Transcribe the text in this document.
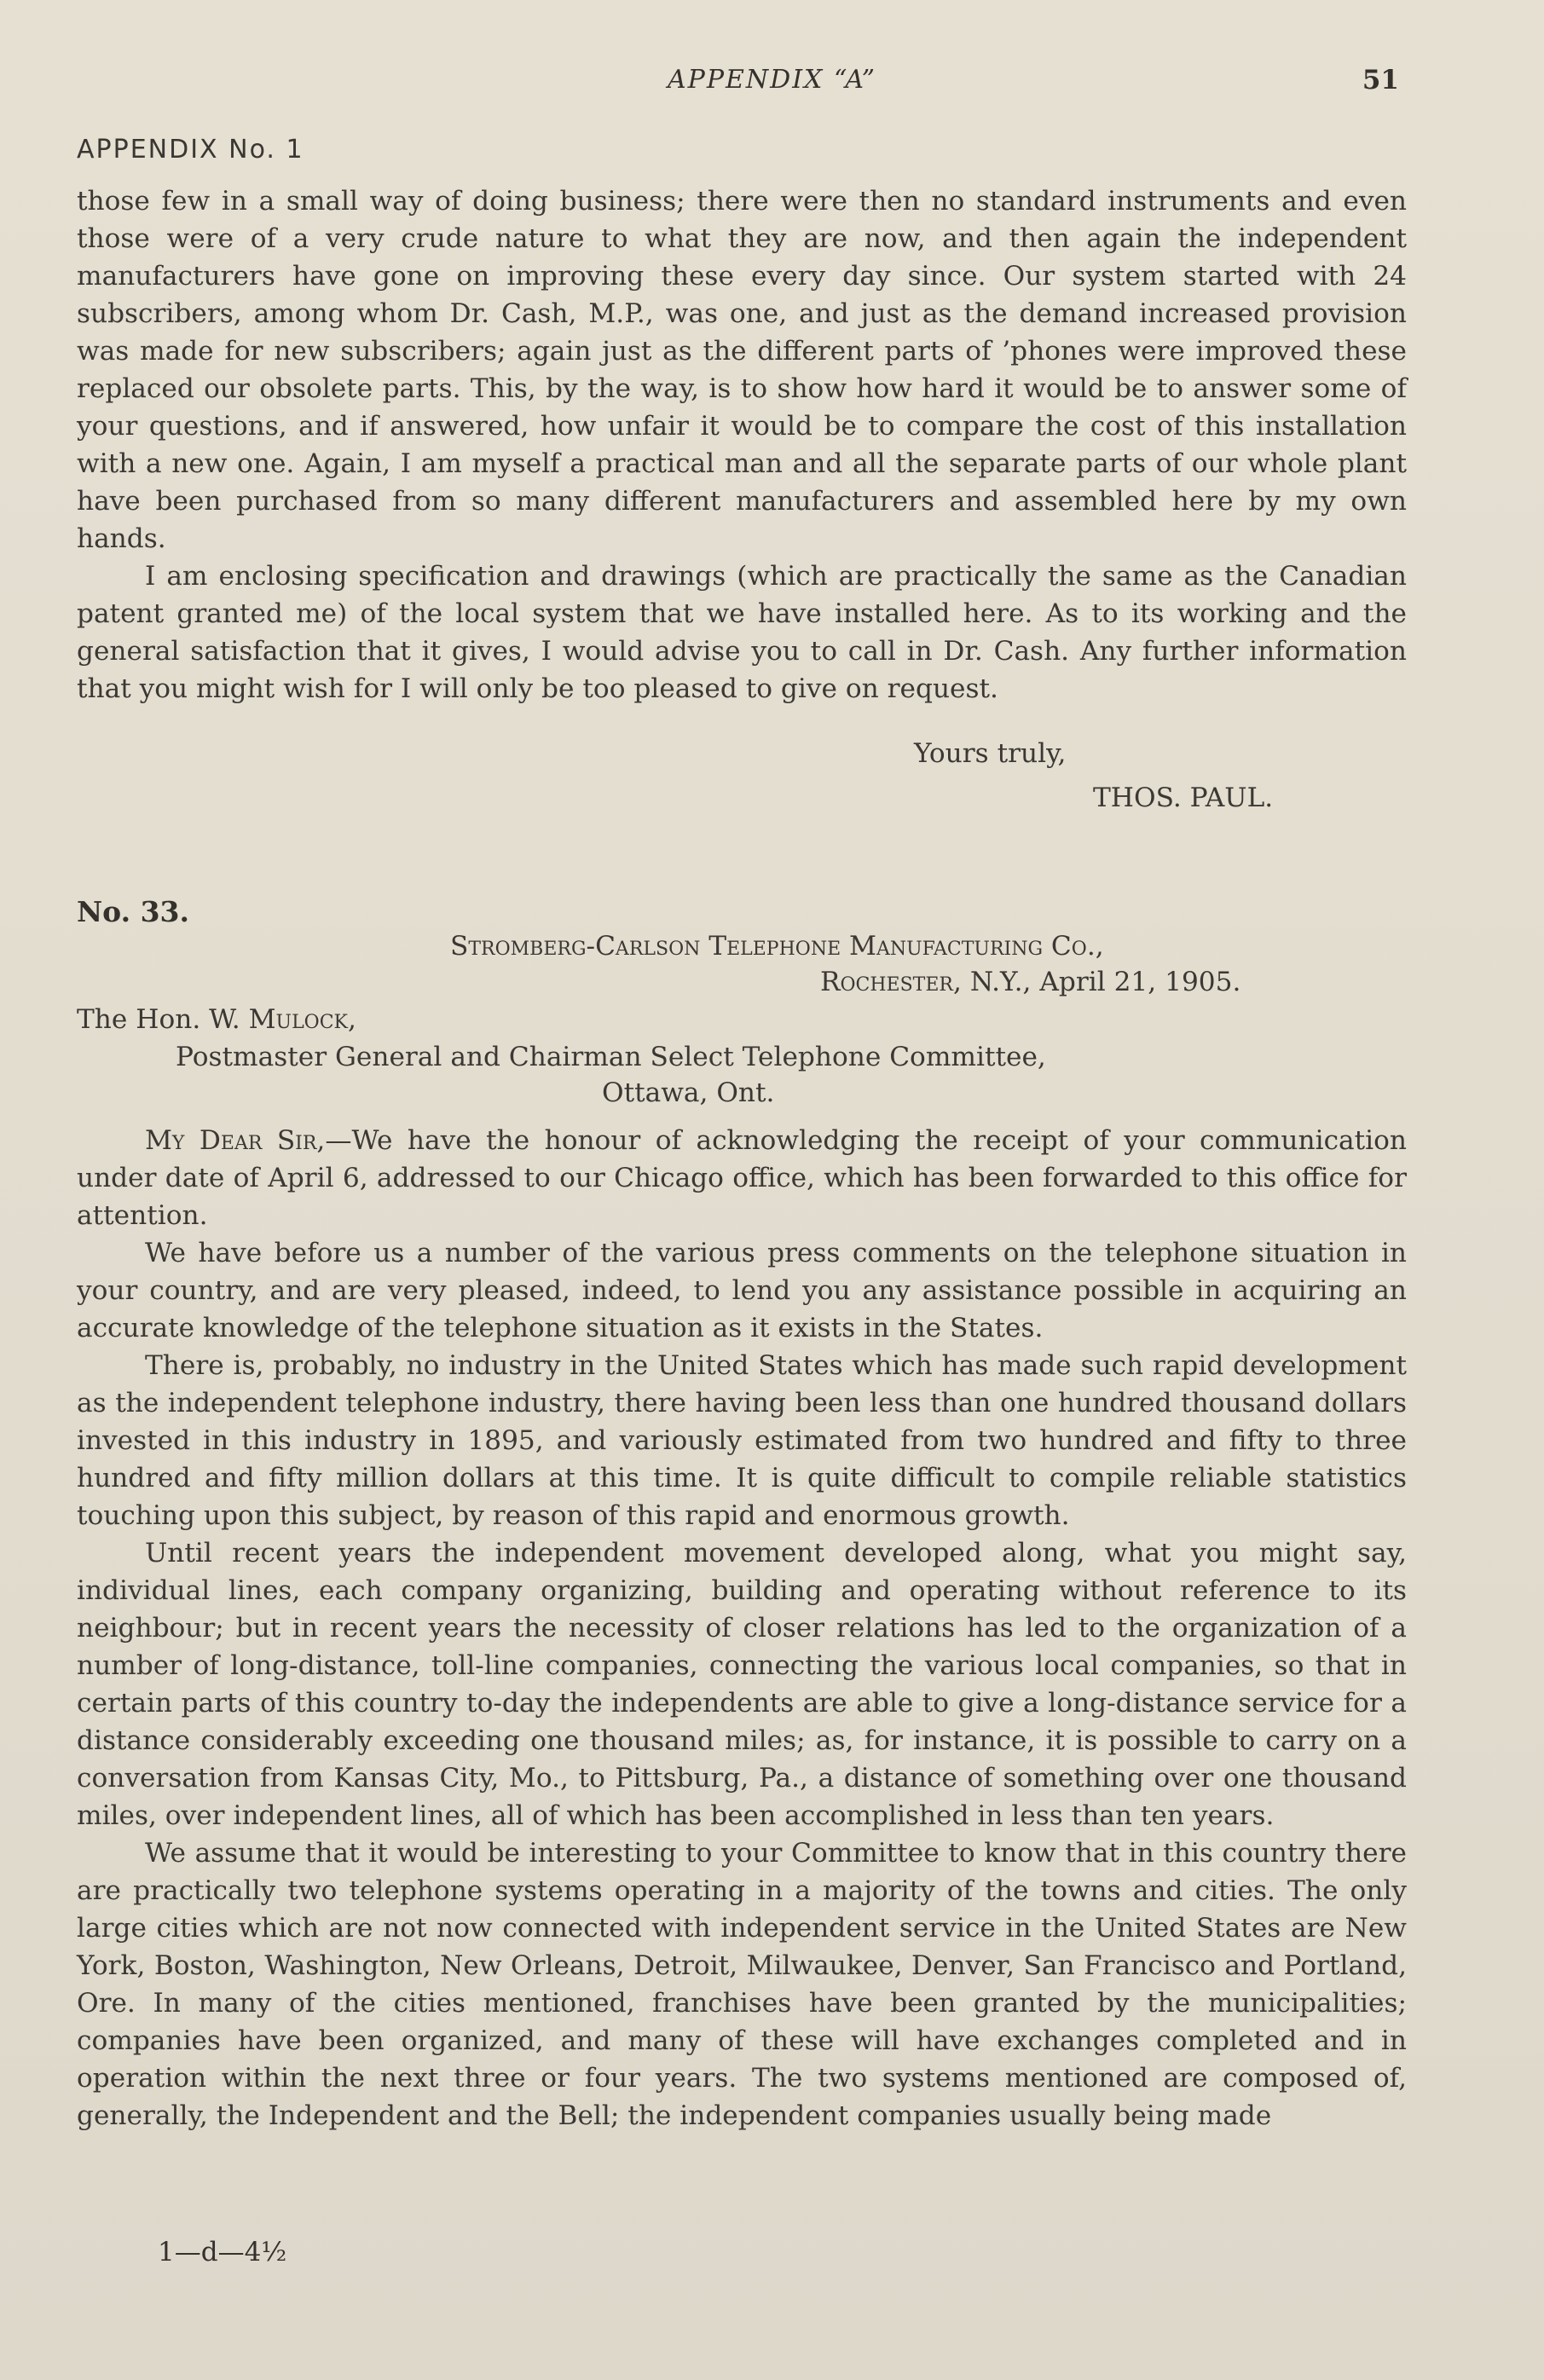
APPENDIX “A”	51
APPENDIX No. 1

those few in a small way of doing business; there were then no standard instruments and even those were of a very crude nature to what they are now, and then again the independent manufacturers have gone on improving these every day since. Our system started with 24 subscribers, among whom Dr. Cash, M.P., was one, and just as the demand increased provision was made for new subscribers; again just as the different parts of ’phones were improved these replaced our obsolete parts. This, by the way, is to show how hard it would be to answer some of your questions, and if answered, how unfair it would be to compare the cost of this installation with a new one. Again, I am myself a practical man and all the separate parts of our whole plant have been purchased from so many different manufacturers and assembled here by my own hands.

I am enclosing specification and drawings (which are practically the same as the Canadian patent granted me) of the local system that we have installed here. As to its working and the general satisfaction that it gives, I would advise you to call in Dr. Cash. Any further information that you might wish for I will only be too pleased to give on request.

Yours truly,
THOS. PAUL.
No. 33.
Stromberg-Carlson Telephone Manufacturing Co.,
Rochester, N.Y., April 21, 1905.
The Hon. W. Mulock,
Postmaster General and Chairman Select Telephone Committee,
Ottawa, Ont.

My Dear Sir,—We have the honour of acknowledging the receipt of your communication under date of April 6, addressed to our Chicago office, which has been forwarded to this office for attention.

We have before us a number of the various press comments on the telephone situation in your country, and are very pleased, indeed, to lend you any assistance possible in acquiring an accurate knowledge of the telephone situation as it exists in the States.

There is, probably, no industry in the United States which has made such rapid development as the independent telephone industry, there having been less than one hundred thousand dollars invested in this industry in 1895, and variously estimated from two hundred and fifty to three hundred and fifty million dollars at this time. It is quite difficult to compile reliable statistics touching upon this subject, by reason of this rapid and enormous growth.

Until recent years the independent movement developed along, what you might say, individual lines, each company organizing, building and operating without reference to its neighbour; but in recent years the necessity of closer relations has led to the organization of a number of long-distance, toll-line companies, connecting the various local companies, so that in certain parts of this country to-day the independents are able to give a long-distance service for a distance considerably exceeding one thousand miles; as, for instance, it is possible to carry on a conversation from Kansas City, Mo., to Pittsburg, Pa., a distance of something over one thousand miles, over independent lines, all of which has been accomplished in less than ten years.

We assume that it would be interesting to your Committee to know that in this country there are practically two telephone systems operating in a majority of the towns and cities. The only large cities which are not now connected with independent service in the United States are New York, Boston, Washington, New Orleans, Detroit, Milwaukee, Denver, San Francisco and Portland, Ore. In many of the cities mentioned, franchises have been granted by the municipalities; companies have been organized, and many of these will have exchanges completed and in operation within the next three or four years. The two systems mentioned are composed of, generally, the Independent and the Bell; the independent companies usually being made

1—d—4½
